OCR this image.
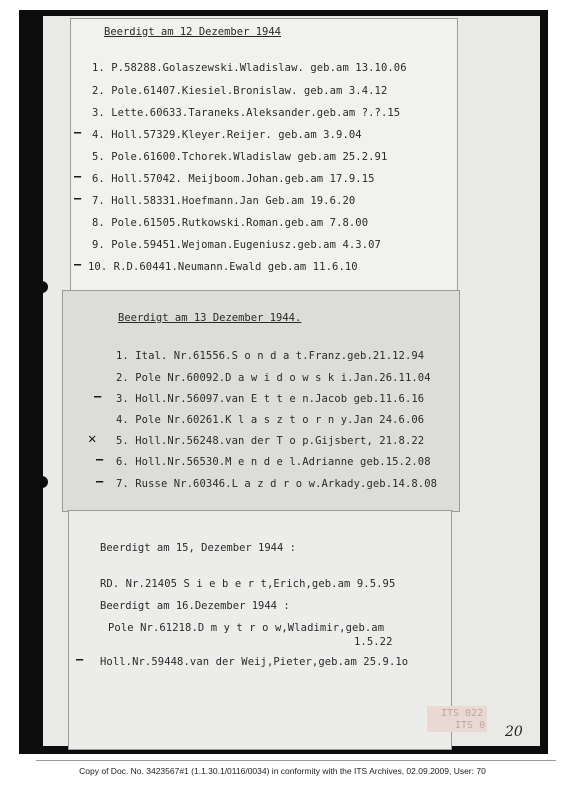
Beerdigt am 12 Dezember 1944
1. P.58288.Golaszewski.Wladislaw. geb.am 13.10.06
2. Pole.61407.Kiesiel.Bronislaw. geb.am 3.4.12
3. Lette.60633.Taraneks.Aleksander.geb.am ?.?.15
4. Holl.57329.Kleyer.Reijer. geb.am 3.9.04
5. Pole.61600.Tchorek.Wladislaw geb.am 25.2.91
6. Holl.57042. Meijboom.Johan.geb.am 17.9.15
7. Holl.58331.Hoefmann.Jan Geb.am 19.6.20
8. Pole.61505.Rutkowski.Roman.geb.am 7.8.00
9. Pole.59451.Wejoman.Eugeniusz.geb.am 4.3.07
10. R.D.60441.Neumann.Ewald geb.am 11.6.10
—
—
—
—
Beerdigt am 13 Dezember 1944.
1. Ital. Nr.61556.S o n d a t.Franz.geb.21.12.94
2. Pole Nr.60092.D a w i d o w s k i.Jan.26.11.04
3. Holl.Nr.56097.van E t t e n.Jacob geb.11.6.16
4. Pole Nr.60261.K l a s z t o r n y.Jan 24.6.06
5. Holl.Nr.56248.van der T o p.Gijsbert, 21.8.22
6. Holl.Nr.56530.M e n d e l.Adrianne geb.15.2.08
7. Russe Nr.60346.L a z d r o w.Arkady.geb.14.8.08
—
✕
—
—
Beerdigt am 15, Dezember 1944 :
RD. Nr.21405 S i e b e r t,Erich,geb.am 9.5.95
Beerdigt am 16.Dezember 1944 :
Pole Nr.61218.D m y t r o w,Wladimir,geb.am
1.5.22
Holl.Nr.59448.van der Weij,Pieter,geb.am 25.9.1o
—
ITS 022
ITS 0 20
Copy of Doc. No. 3423567#1 (1.1.30.1/0116/0034) in conformity with the ITS Archives, 02.09.2009, User: 70
